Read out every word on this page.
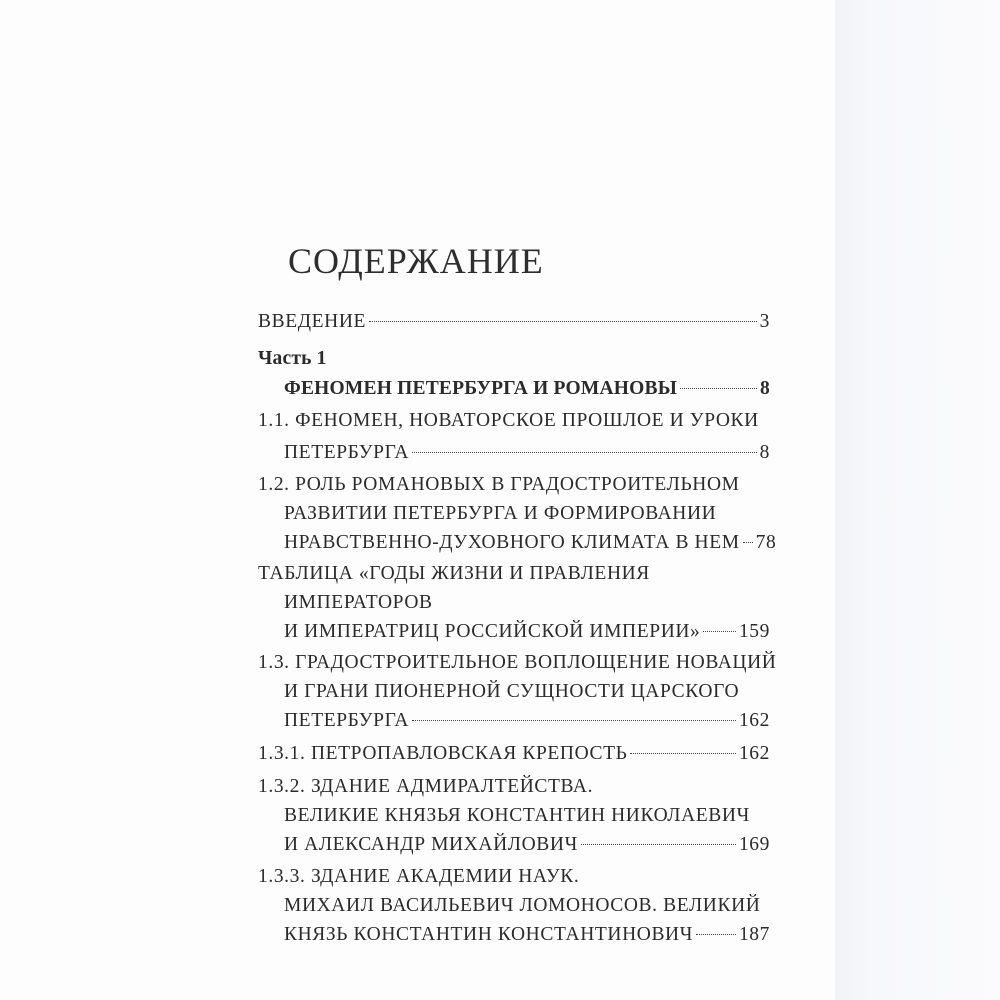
СОДЕРЖАНИЕ
ВВЕДЕНИЕ	3
Часть 1
ФЕНОМЕН ПЕТЕРБУРГА И РОМАНОВЫ	8
1.1. ФЕНОМЕН, НОВАТОРСКОЕ ПРОШЛОЕ И УРОКИ
ПЕТЕРБУРГА	8
1.2. РОЛЬ РОМАНОВЫХ В ГРАДОСТРОИТЕЛЬНОМ
РАЗВИТИИ ПЕТЕРБУРГА И ФОРМИРОВАНИИ
НРАВСТВЕННО-ДУХОВНОГО КЛИМАТА В НЕМ 78
ТАБЛИЦА «ГОДЫ ЖИЗНИ И ПРАВЛЕНИЯ
ИМПЕРАТОРОВ
И ИМПЕРАТРИЦ РОССИЙСКОЙ ИМПЕРИИ» 159
1.3. ГРАДОСТРОИТЕЛЬНОЕ ВОПЛОЩЕНИЕ НОВАЦИЙ
И ГРАНИ ПИОНЕРНОЙ СУЩНОСТИ ЦАРСКОГО
ПЕТЕРБУРГА	162
1.3.1. ПЕТРОПАВЛОВСКАЯ КРЕПОСТЬ	162
1.3.2. ЗДАНИЕ АДМИРАЛТЕЙСТВА.
ВЕЛИКИЕ КНЯЗЬЯ КОНСТАНТИН НИКОЛАЕВИЧ
И АЛЕКСАНДР МИХАЙЛОВИЧ	169
1.3.3. ЗДАНИЕ АКАДЕМИИ НАУК.
МИХАИЛ ВАСИЛЬЕВИЧ ЛОМОНОСОВ. ВЕЛИКИЙ
КНЯЗЬ КОНСТАНТИН КОНСТАНТИНОВИЧ 187
